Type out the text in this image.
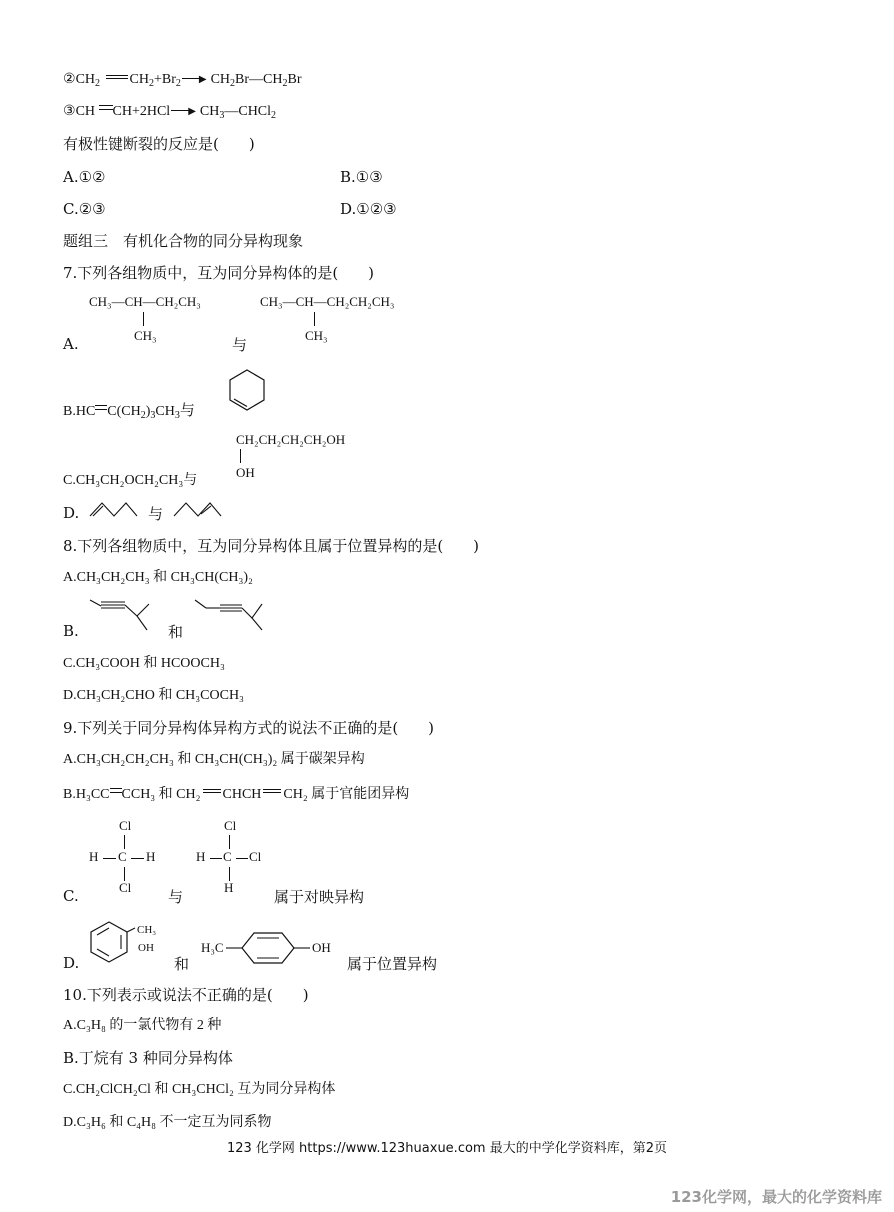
$②CH_2$ $CH_2+Br_2$ ▶ $CH_2Br—CH_2Br$
③CH CH+2HCl ▶ $CH_3—CHCl_2$
有极性键断裂的反应是(　　)
A.①②	B.①③
C.②③	D.①②③
题组三　有机化合物的同分异构现象
7.下列各组物质中，互为同分异构体的是(　　)
CH₃—CH—CH₂CH₃
CH₃
CH₃—CH—CH₂CH₂CH₃
CH₃
A.	与
B.HC $C(CH_2)_3CH_3$与
CH₂CH₂CH₂CH₂OH
OH
C.CH₃CH₂OCH₂CH₃与
D.	与
8.下列各组物质中，互为同分异构体且属于位置异构的是(　　)
A.CH₃CH₂CH₃ 和 CH₃CH(CH₃)₂
B.	和
C.CH₃COOH 和 HCOOCH₃
D.CH₃CH₂CHO 和 CH₃COCH₃
9.下列关于同分异构体异构方式的说法不正确的是(　　)
A.CH₃CH₂CH₂CH₃ 和 CH₃CH(CH₃)₂ 属于碳架异构
B.H₃CC CCH₃ 和 CH₂ CHCH CH₂ 属于官能团异构
Cl
H C H
Cl
C.	与
Cl
H C Cl
H
属于对映异构
CH₃
OH
D.	和
H₃C	OH
属于位置异构
10.下列表示或说法不正确的是(　　)
A.C₃H₈ 的一氯代物有 2 种
B.丁烷有 3 种同分异构体
C.CH₂ClCH₂Cl 和 CH₃CHCl₂ 互为同分异构体
D.C₃H₆ 和 C₄H₈ 不一定互为同系物
123 化学网 https://www.123huaxue.com 最大的中学化学资料库，第2页
123化学网，最大的化学资料库
